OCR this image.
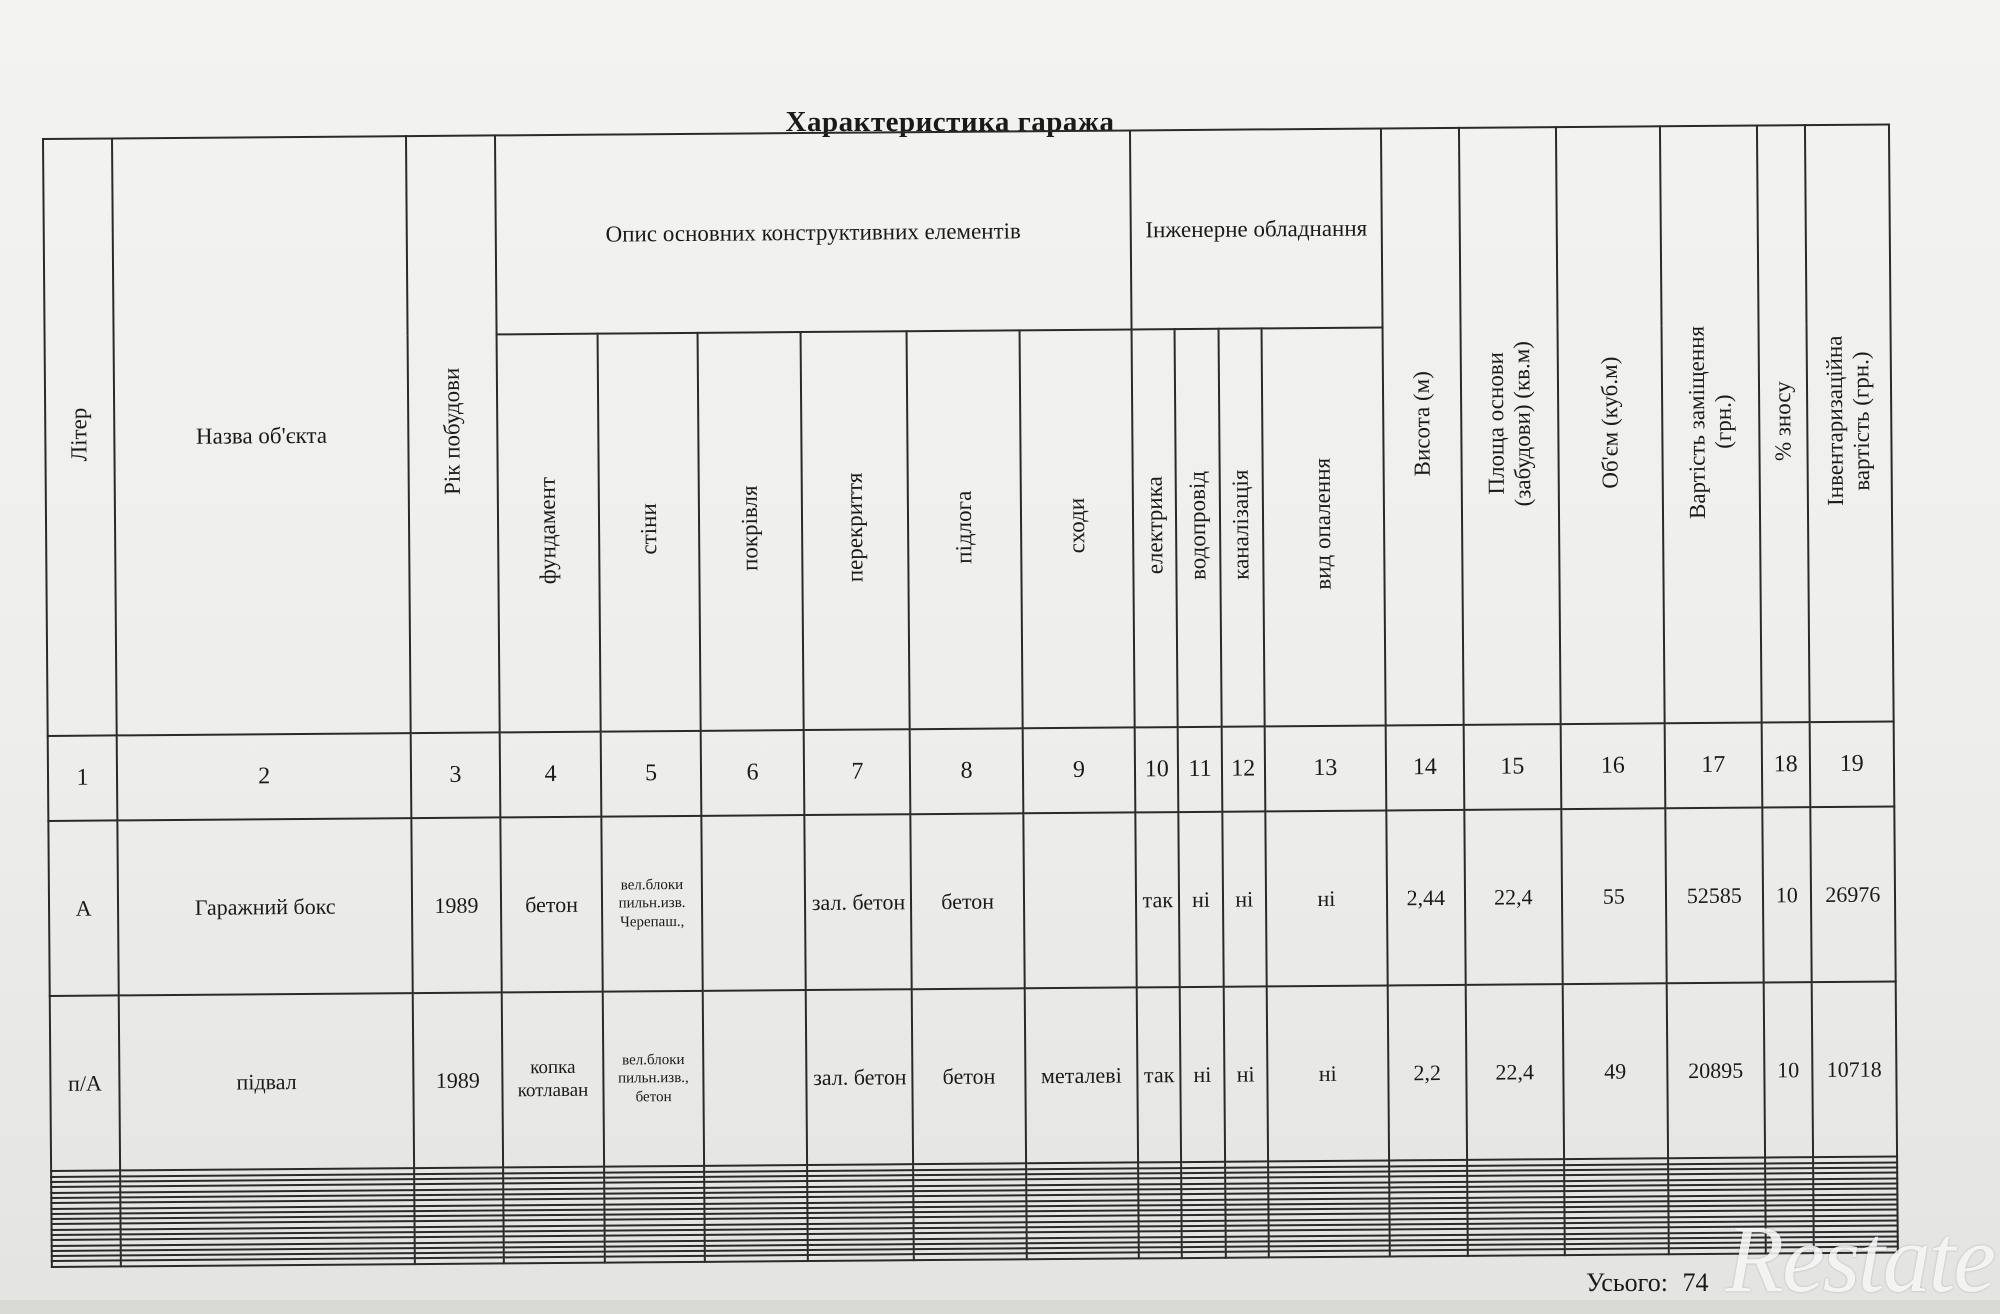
Характеристика гаража
Літер	Назва об'єкта	Рік побудови	Опис основних конструктивних елементів						Інженерне обладнання				Висота (м)	Площа основи (забудови) (кв.м)	Об'єм (куб.м)	Вартість заміщення (грн.)	% зносу	Інвентаризаційна вартість (грн.)
			фундамент	стіни	покрівля	перекриття	підлога	сходи	електрика	водопровід	каналізація	вид опалення						
1	2	3	4	5	6	7	8	9	10	11	12	13	14	15	16	17	18	19
А	Гаражний бокс	1989	бетон	вел.блоки пильн.изв. Черепаш.,		зал. бетон	бетон		так	ні	ні	ні	2,44	22,4	55	52585	10	26976
п/А	підвал	1989	копка котлаван	вел.блоки пильн.изв., бетон		зал. бетон	бетон	металеві	так	ні	ні	ні	2,2	22,4	49	20895	10	10718

Усього: 74 Restate
